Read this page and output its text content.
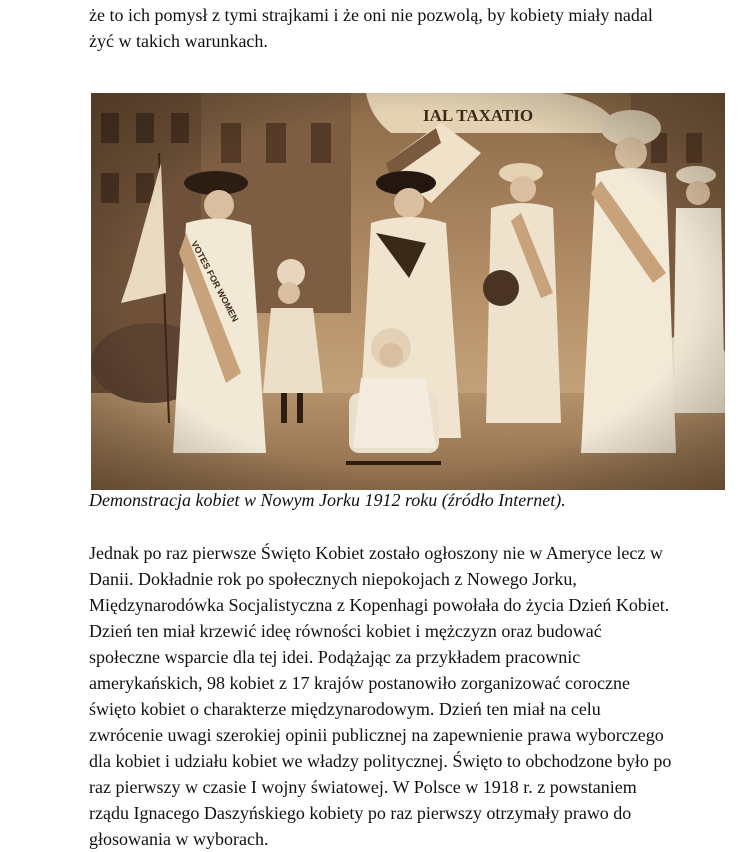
że to ich pomysł z tymi strajkami i że oni nie pozwolą, by kobiety miały nadal
żyć w takich warunkach.

Demonstracja kobiet w Nowym Jorku 1912 roku (źródło Internet).

Jednak po raz pierwsze Święto Kobiet zostało ogłoszony nie w Ameryce lecz w
Danii. Dokładnie rok po społecznych niepokojach z Nowego Jorku,
Międzynarodówka Socjalistyczna z Kopenhagi powołała do życia Dzień Kobiet.
Dzień ten miał krzewić ideę równości kobiet i mężczyzn oraz budować
społeczne wsparcie dla tej idei. Podążając za przykładem pracownic
amerykańskich, 98 kobiet z 17 krajów postanowiło zorganizować coroczne
święto kobiet o charakterze międzynarodowym. Dzień ten miał na celu
zwrócenie uwagi szerokiej opinii publicznej na zapewnienie prawa wyborczego
dla kobiet i udziału kobiet we władzy politycznej. Święto to obchodzone było po
raz pierwszy w czasie I wojny światowej. W Polsce w 1918 r. z powstaniem
rządu Ignacego Daszyńskiego kobiety po raz pierwszy otrzymały prawo do
głosowania w wyborach.
